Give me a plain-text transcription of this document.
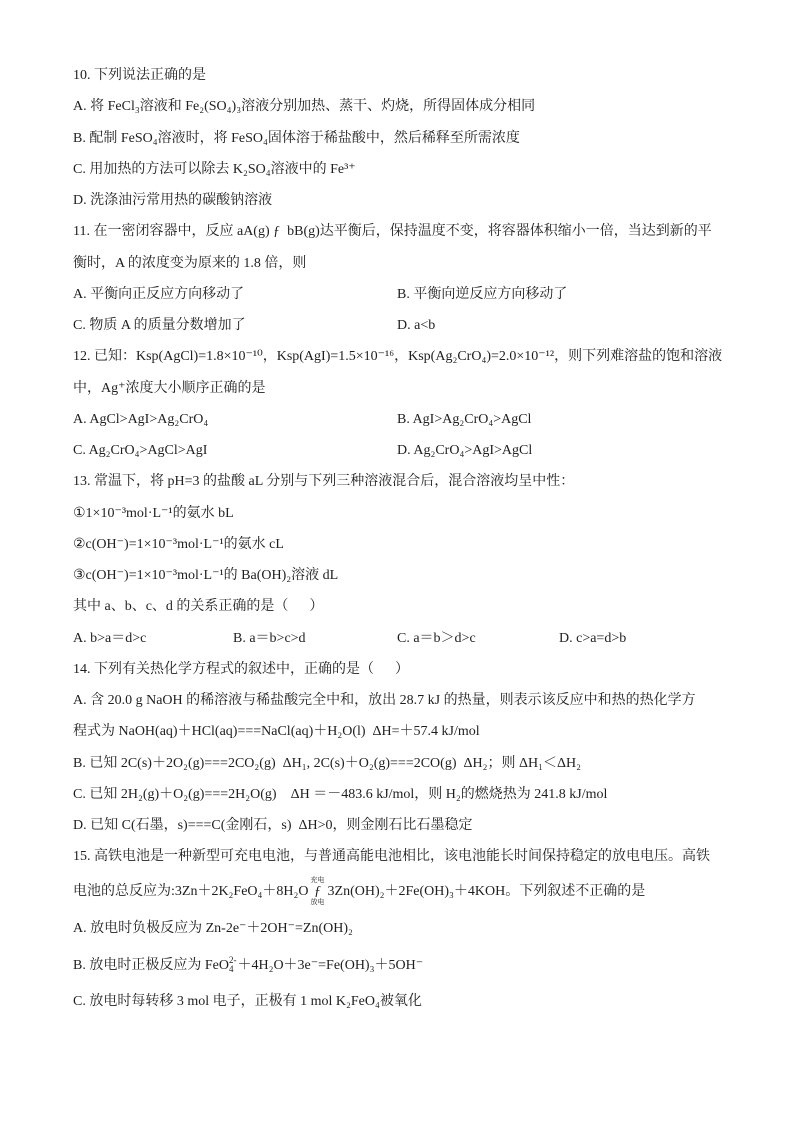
10. 下列说法正确的是
A. 将 FeCl₃溶液和 Fe₂(SO₄)₃溶液分别加热、蒸干、灼烧，所得固体成分相同
B. 配制 FeSO₄溶液时，将 FeSO₄固体溶于稀盐酸中，然后稀释至所需浓度
C. 用加热的方法可以除去 K₂SO₄溶液中的 Fe³⁺
D. 洗涤油污常用热的碳酸钠溶液
11. 在一密闭容器中，反应 aA(g) ƒ  bB(g)达平衡后，保持温度不变，将容器体积缩小一倍，当达到新的平
衡时，A 的浓度变为原来的 1.8 倍，则
A. 平衡向正反应方向移动了	B. 平衡向逆反应方向移动了
C. 物质 A 的质量分数增加了	D. a<b
12. 已知：Ksp(AgCl)=1.8×10⁻¹⁰，Ksp(AgI)=1.5×10⁻¹⁶，Ksp(Ag₂CrO₄)=2.0×10⁻¹²，则下列难溶盐的饱和溶液
中，Ag⁺浓度大小顺序正确的是
A. AgCl>AgI>Ag₂CrO₄	B. AgI>Ag₂CrO₄>AgCl
C. Ag₂CrO₄>AgCl>AgI	D. Ag₂CrO₄>AgI>AgCl
13. 常温下，将 pH=3 的盐酸 aL 分别与下列三种溶液混合后，混合溶液均呈中性：
①1×10⁻³mol·L⁻¹的氨水 bL
②c(OH⁻)=1×10⁻³mol·L⁻¹的氨水 cL
③c(OH⁻)=1×10⁻³mol·L⁻¹的 Ba(OH)₂溶液 dL
其中 a、b、c、d 的关系正确的是（      ）
A. b>a＝d>c	B. a＝b>c>d	C. a＝b＞d>c	D. c>a=d>b
14. 下列有关热化学方程式的叙述中，正确的是（      ）
A. 含 20.0 g NaOH 的稀溶液与稀盐酸完全中和，放出 28.7 kJ 的热量，则表示该反应中和热的热化学方
程式为 NaOH(aq)＋HCl(aq)===NaCl(aq)＋H₂O(l)  ΔH=＋57.4 kJ/mol
B. 已知 2C(s)＋2O₂(g)===2CO₂(g)  ΔH₁, 2C(s)＋O₂(g)===2CO(g)  ΔH₂；则 ΔH₁＜ΔH₂
C. 已知 2H₂(g)＋O₂(g)===2H₂O(g)    ΔH ＝－483.6 kJ/mol，则 H₂的燃烧热为 241.8 kJ/mol
D. 已知 C(石墨，s)===C(金刚石，s)  ΔH>0，则金刚石比石墨稳定
15. 高铁电池是一种新型可充电电池，与普通高能电池相比，该电池能长时间保持稳定的放电电压。高铁
电池的总反应为:3Zn＋2K₂FeO₄＋8H₂O
充电
ƒ
放电
3Zn(OH)₂＋2Fe(OH)₃＋4KOH。下列叙述不正确的是
A. 放电时负极反应为 Zn-2e⁻＋2OH⁻=Zn(OH)₂
B. 放电时正极反应为 FeO 2-
4 ＋4H₂O＋3e⁻=Fe(OH)₃＋5OH⁻
C. 放电时每转移 3 mol 电子，正极有 1 mol K₂FeO₄被氧化
